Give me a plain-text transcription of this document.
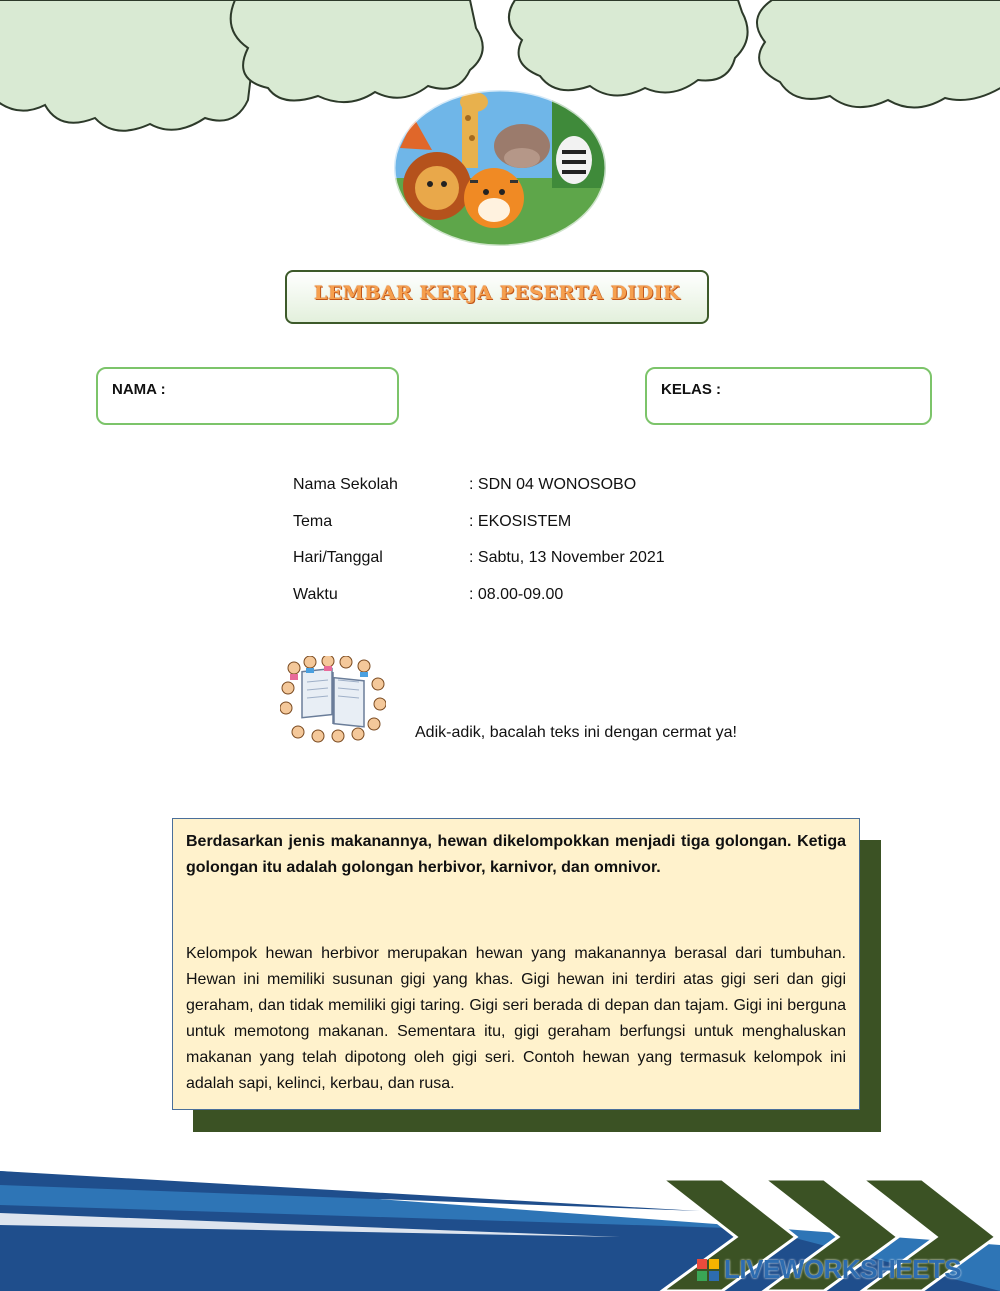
LEMBAR KERJA PESERTA DIDIK
NAMA :	KELAS :
Nama Sekolah	: SDN 04 WONOSOBO
Tema	: EKOSISTEM
Hari/Tanggal	: Sabtu, 13 November 2021
Waktu	: 08.00-09.00
Adik-adik, bacalah teks ini dengan cermat ya!

Berdasarkan jenis makanannya, hewan dikelompokkan menjadi tiga golongan. Ketiga golongan itu adalah golongan herbivor, karnivor, dan omnivor.

Kelompok hewan herbivor merupakan hewan yang makanannya berasal dari tumbuhan. Hewan ini memiliki susunan gigi yang khas. Gigi hewan ini terdiri atas gigi seri dan gigi geraham, dan tidak memiliki gigi taring. Gigi seri berada di depan dan tajam. Gigi ini berguna untuk memotong makanan. Sementara itu, gigi geraham berfungsi untuk menghaluskan makanan yang telah dipotong oleh gigi seri. Contoh hewan yang termasuk kelompok ini adalah sapi, kelinci, kerbau, dan rusa.

LIVEWORKSHEETS
